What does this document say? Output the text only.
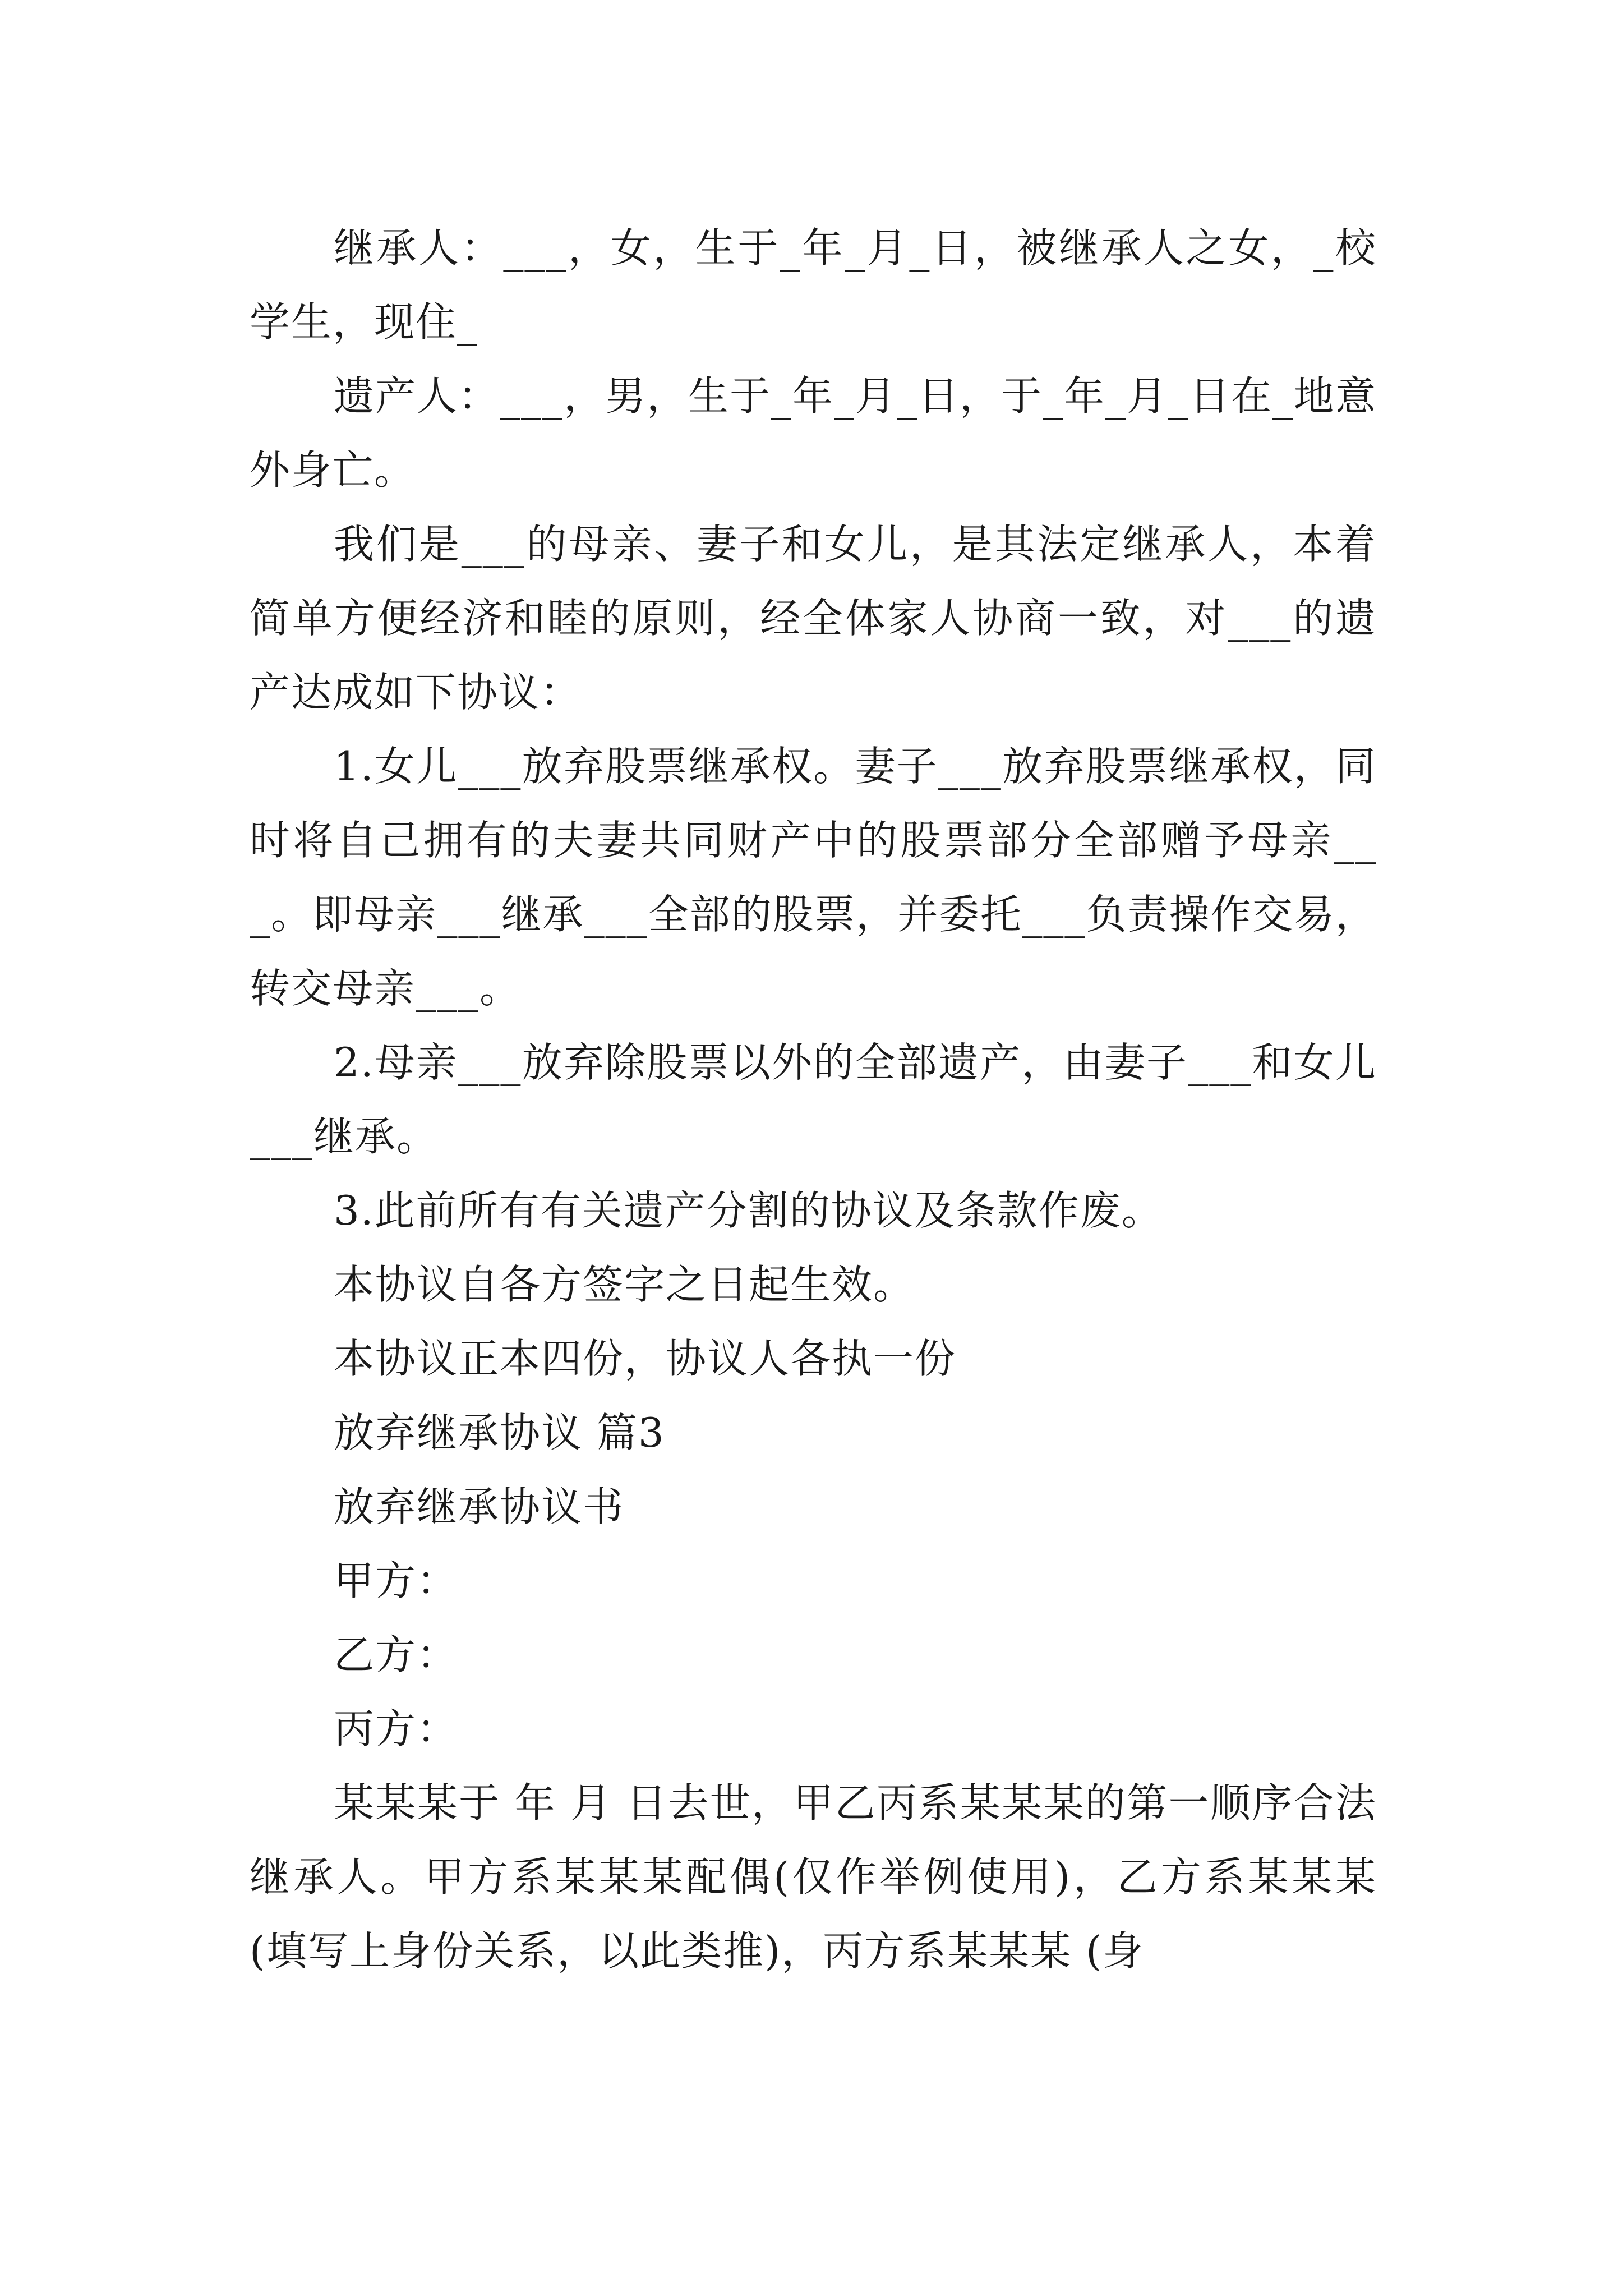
继承人：___，女，生于_年_月_日，被继承人之女，_校学生，现住_

遗产人：___，男，生于_年_月_日，于_年_月_日在_地意外身亡。

我们是___的母亲、妻子和女儿，是其法定继承人，本着简单方便经济和睦的原则，经全体家人协商一致，对___的遗产达成如下协议：

1.女儿___放弃股票继承权。妻子___放弃股票继承权，同时将自己拥有的夫妻共同财产中的股票部分全部赠予母亲___。即母亲___继承___全部的股票，并委托___负责操作交易，转交母亲___。

2.母亲___放弃除股票以外的全部遗产，由妻子___和女儿___继承。

3.此前所有有关遗产分割的协议及条款作废。

本协议自各方签字之日起生效。

本协议正本四份，协议人各执一份

放弃继承协议 篇3

放弃继承协议书

甲方：

乙方：

丙方：

某某某于 年 月 日去世，甲乙丙系某某某的第一顺序合法继承人。甲方系某某某配偶(仅作举例使用)，乙方系某某某 (填写上身份关系，以此类推)，丙方系某某某 (身
